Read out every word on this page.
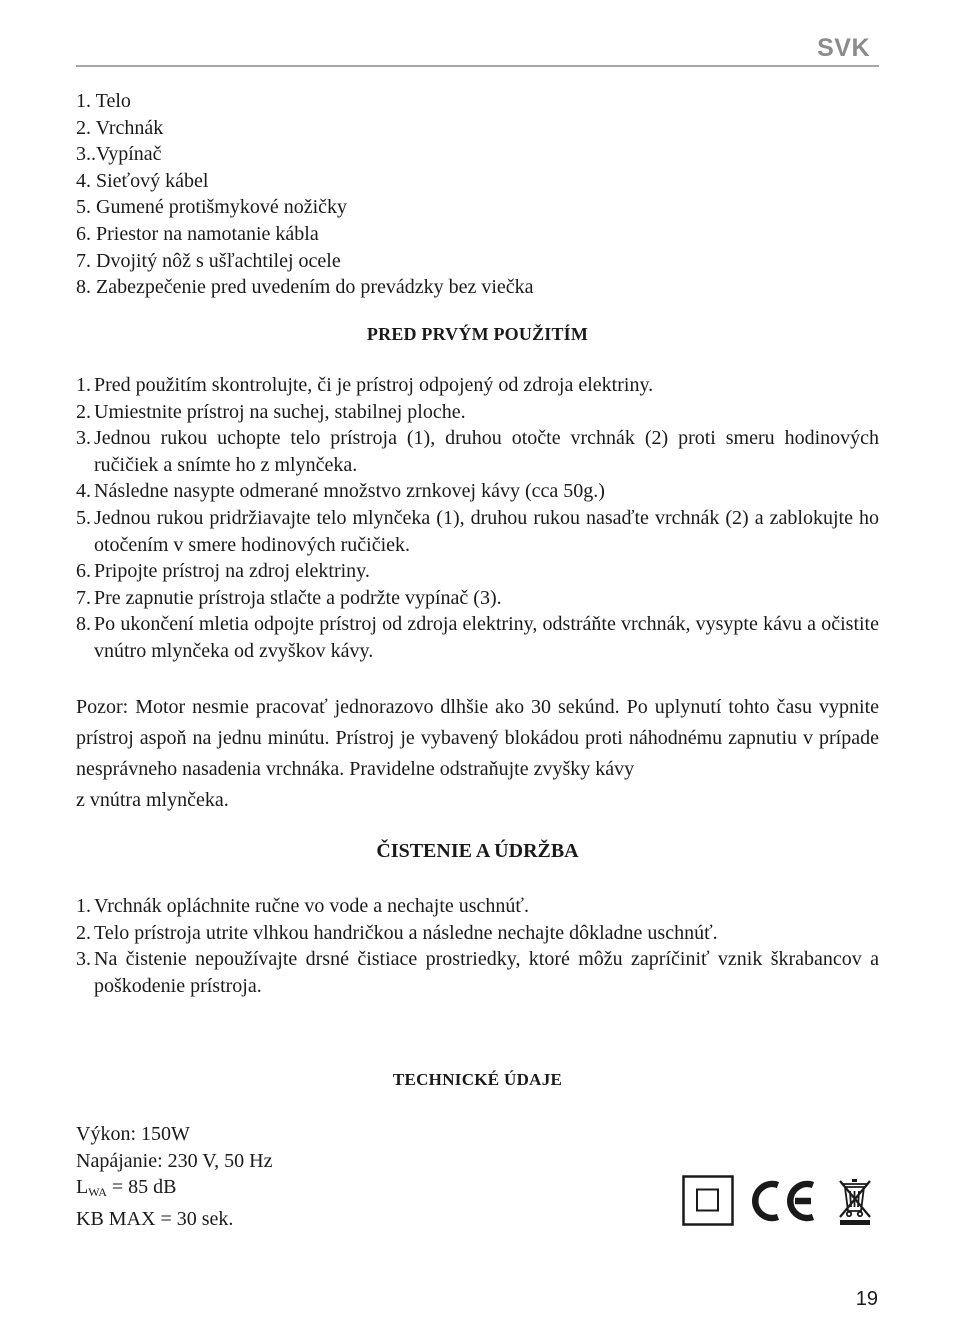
SVK
1. Telo
2. Vrchnák
3..Vypínač
4. Sieťový kábel
5. Gumené protišmykové nožičky
6. Priestor na namotanie kábla
7. Dvojitý nôž s ušľachtilej ocele
8. Zabezpečenie pred uvedením do prevádzky bez viečka
PRED PRVÝM POUŽITÍM
1. Pred použitím skontrolujte, či je prístroj odpojený od zdroja elektriny.
2. Umiestnite prístroj na suchej, stabilnej ploche.
3. Jednou rukou uchopte telo prístroja (1), druhou otočte vrchnák (2) proti smeru hodinových ručičiek a snímte ho z mlynčeka.
4. Následne nasypte odmerané množstvo zrnkovej kávy (cca 50g.)
5. Jednou rukou pridržiavajte telo mlynčeka (1), druhou rukou nasaďte vrchnák (2) a zablokujte ho otočením v smere hodinových ručičiek.
6. Pripojte prístroj na zdroj elektriny.
7. Pre zapnutie prístroja stlačte a podržte vypínač (3).
8. Po ukončení mletia odpojte prístroj od zdroja elektriny, odstráňte vrchnák, vysypte kávu a očistite vnútro mlynčeka od zvyškov kávy.
Pozor: Motor nesmie pracovať jednorazovo dlhšie ako 30 sekúnd. Po uplynutí tohto času vypnite prístroj aspoň na jednu minútu. Prístroj je vybavený blokádou proti náhodnému zapnutiu v prípade nesprávneho nasadenia vrchnáka. Pravidelne odstraňujte zvyšky kávy
z vnútra mlynčeka.
ČISTENIE A ÚDRŽBA
1. Vrchnák opláchnite ručne vo vode a nechajte uschnúť.
2. Telo prístroja utrite vlhkou handričkou a následne nechajte dôkladne uschnúť.
3. Na čistenie nepoužívajte drsné čistiace prostriedky, ktoré môžu zapríčiniť vznik škrabancov a poškodenie prístroja.
TECHNICKÉ ÚDAJE
Výkon: 150W
Napájanie: 230 V, 50 Hz
$L_{WA} = 85$ dB
KB MAX = 30 sek.
19
